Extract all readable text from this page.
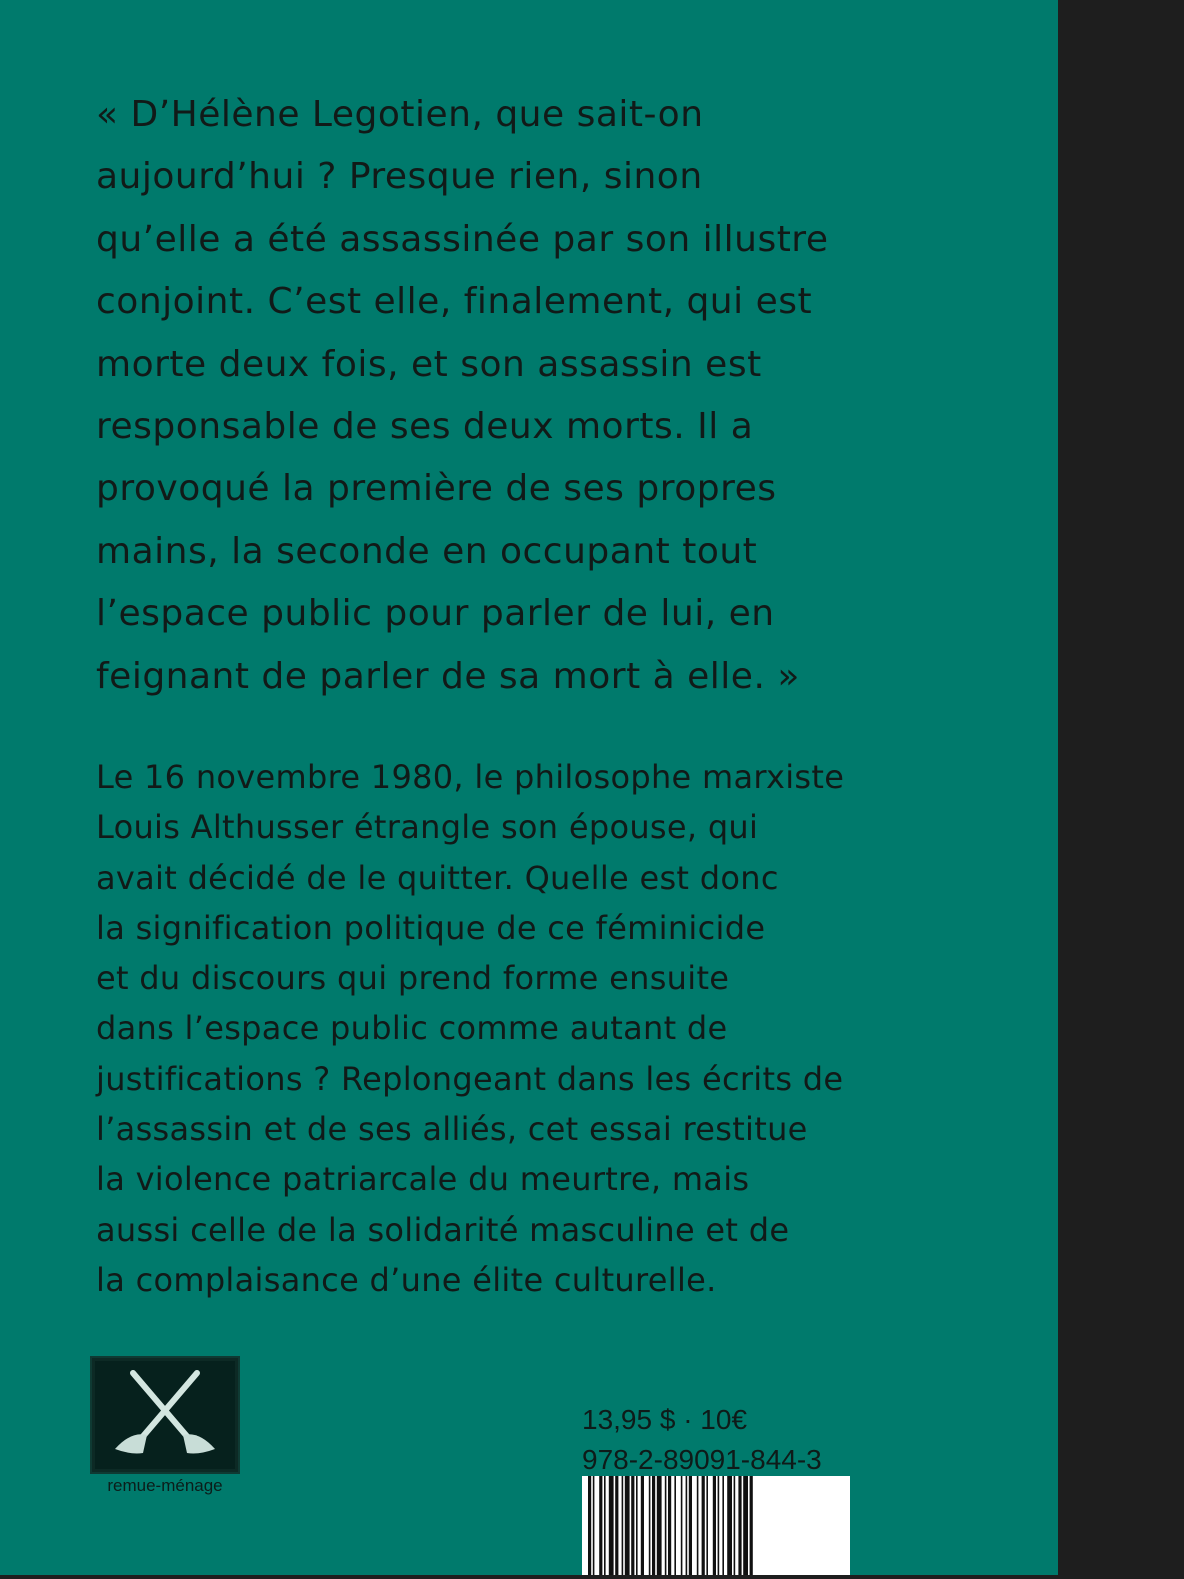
« D’Hélène Legotien, que sait-on
aujourd’hui ? Presque rien, sinon
qu’elle a été assassinée par son illustre
conjoint. C’est elle, finalement, qui est
morte deux fois, et son assassin est
responsable de ses deux morts. Il a
provoqué la première de ses propres
mains, la seconde en occupant tout
l’espace public pour parler de lui, en
feignant de parler de sa mort à elle. »
Le 16 novembre 1980, le philosophe marxiste
Louis Althusser étrangle son épouse, qui
avait décidé de le quitter. Quelle est donc
la signification politique de ce féminicide
et du discours qui prend forme ensuite
dans l’espace public comme autant de
justifications ? Replongeant dans les écrits de
l’assassin et de ses alliés, cet essai restitue
la violence patriarcale du meurtre, mais
aussi celle de la solidarité masculine et de
la complaisance d’une élite culturelle.
remue-ménage
13,95 $ · 10€
978-2-89091-844-3
